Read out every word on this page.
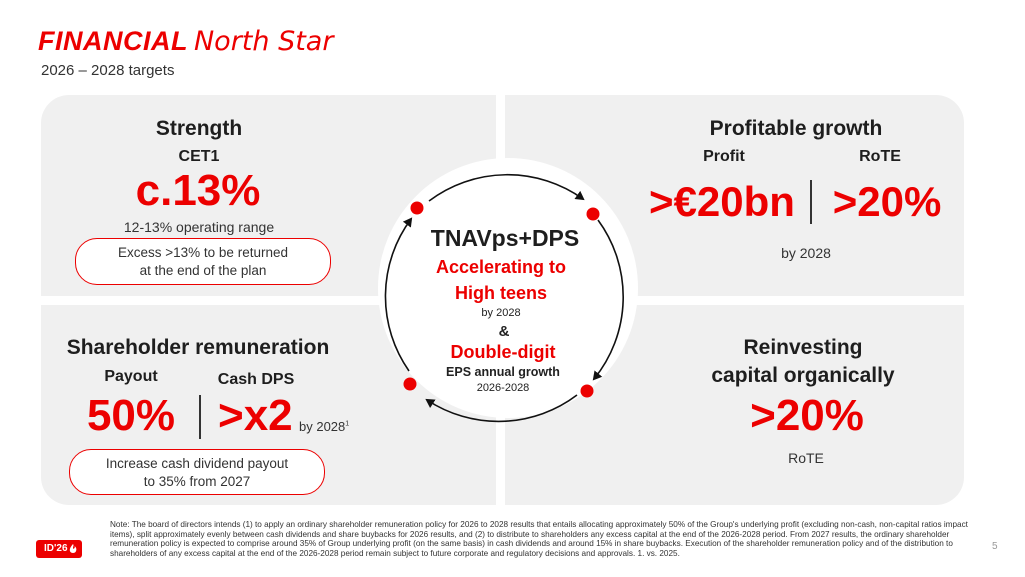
FINANCIAL North Star
2026 – 2028 targets
Strength
CET1
c.13%
12-13% operating range
Excess >13% to be returned
at the end of the plan
Profitable growth
Profit	RoTE
>€20bn >20%
by 2028
Shareholder remuneration
Payout	Cash DPS
50% >x2 by 2028$^1$
Increase cash dividend payout
to 35% from 2027
Reinvesting
capital organically
>20%
RoTE
TNAVps+DPS
Accelerating to
High teens
by 2028
&
Double-digit
EPS annual growth
2026-2028
ID'26
Note: The board of directors intends (1) to apply an ordinary shareholder remuneration policy for 2026 to 2028 results that entails allocating approximately 50% of the Group's underlying profit (excluding non-cash, non-capital ratios impact items), split approximately evenly between cash dividends and share buybacks for 2026 results, and (2) to distribute to shareholders any excess capital at the end of the 2026-2028 period. From 2027 results, the ordinary shareholder remuneration policy is expected to comprise around 35% of Group underlying profit (on the same basis) in cash dividends and around 15% in share buybacks. Execution of the shareholder remuneration policy and of the distribution to shareholders of any excess capital at the end of the 2026-2028 period remain subject to future corporate and regulatory decisions and approvals. 1. vs. 2025.
5
